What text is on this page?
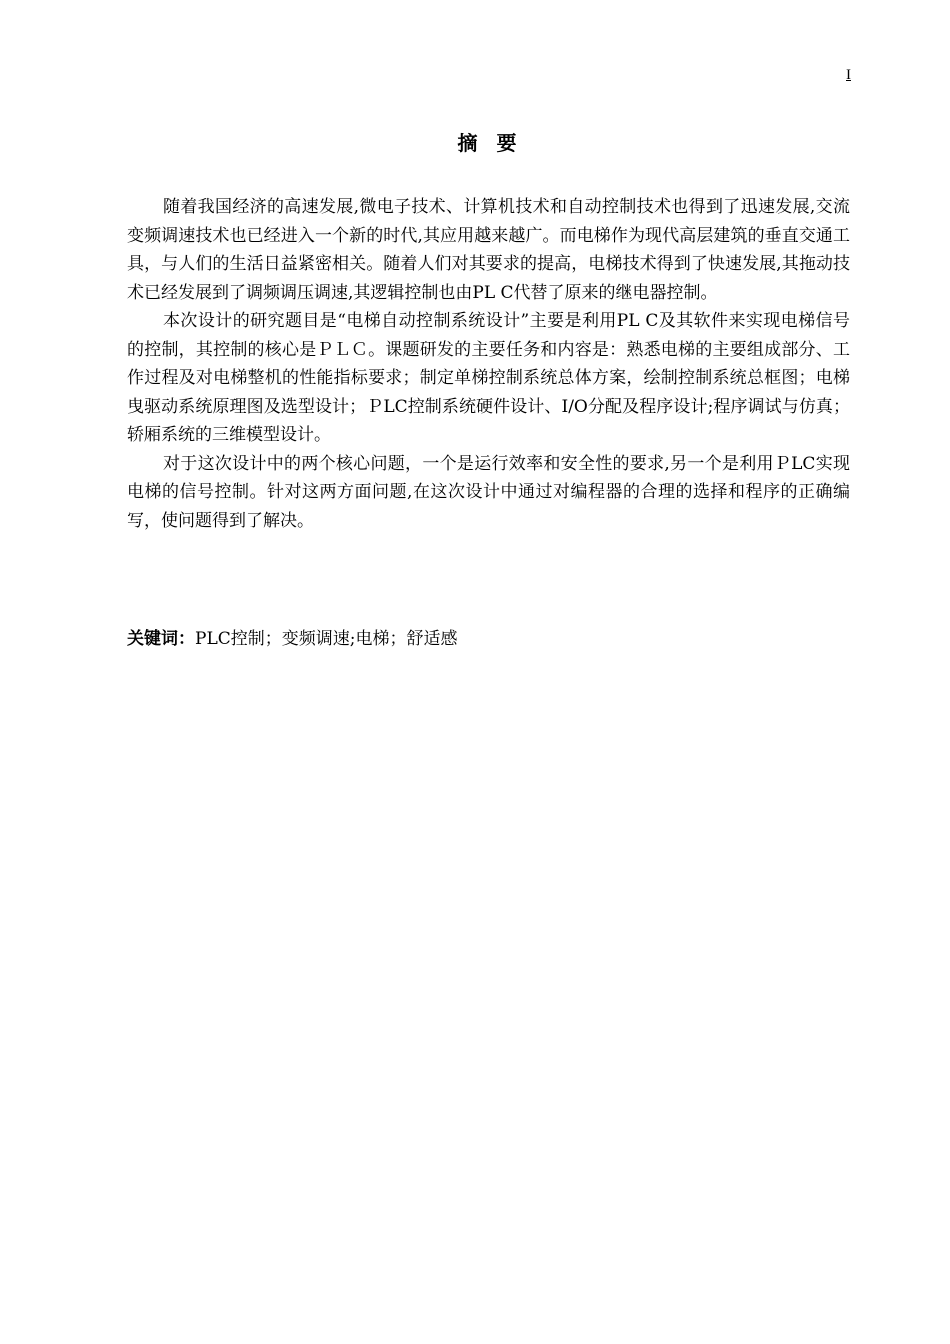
I
摘 要

随着我国经济的高速发展,微电子技术、计算机技术和自动控制技术也得到了迅速发展,交流变频调速技术也已经进入一个新的时代,其应用越来越广。而电梯作为现代高层建筑的垂直交通工具，与人们的生活日益紧密相关。随着人们对其要求的提高，电梯技术得到了快速发展,其拖动技术已经发展到了调频调压调速,其逻辑控制也由PL C代替了原来的继电器控制。

本次设计的研究题目是“电梯自动控制系统设计”主要是利用PL C及其软件来实现电梯信号的控制，其控制的核心是ＰＬＣ。课题研发的主要任务和内容是：熟悉电梯的主要组成部分、工作过程及对电梯整机的性能指标要求；制定单梯控制系统总体方案，绘制控制系统总框图；电梯曳驱动系统原理图及选型设计；ＰLC控制系统硬件设计、I/O分配及程序设计;程序调试与仿真；轿厢系统的三维模型设计。

对于这次设计中的两个核心问题，一个是运行效率和安全性的要求,另一个是利用ＰLC实现电梯的信号控制。针对这两方面问题,在这次设计中通过对编程器的合理的选择和程序的正确编写，使问题得到了解决。

关键词：PLC控制；变频调速;电梯；舒适感
